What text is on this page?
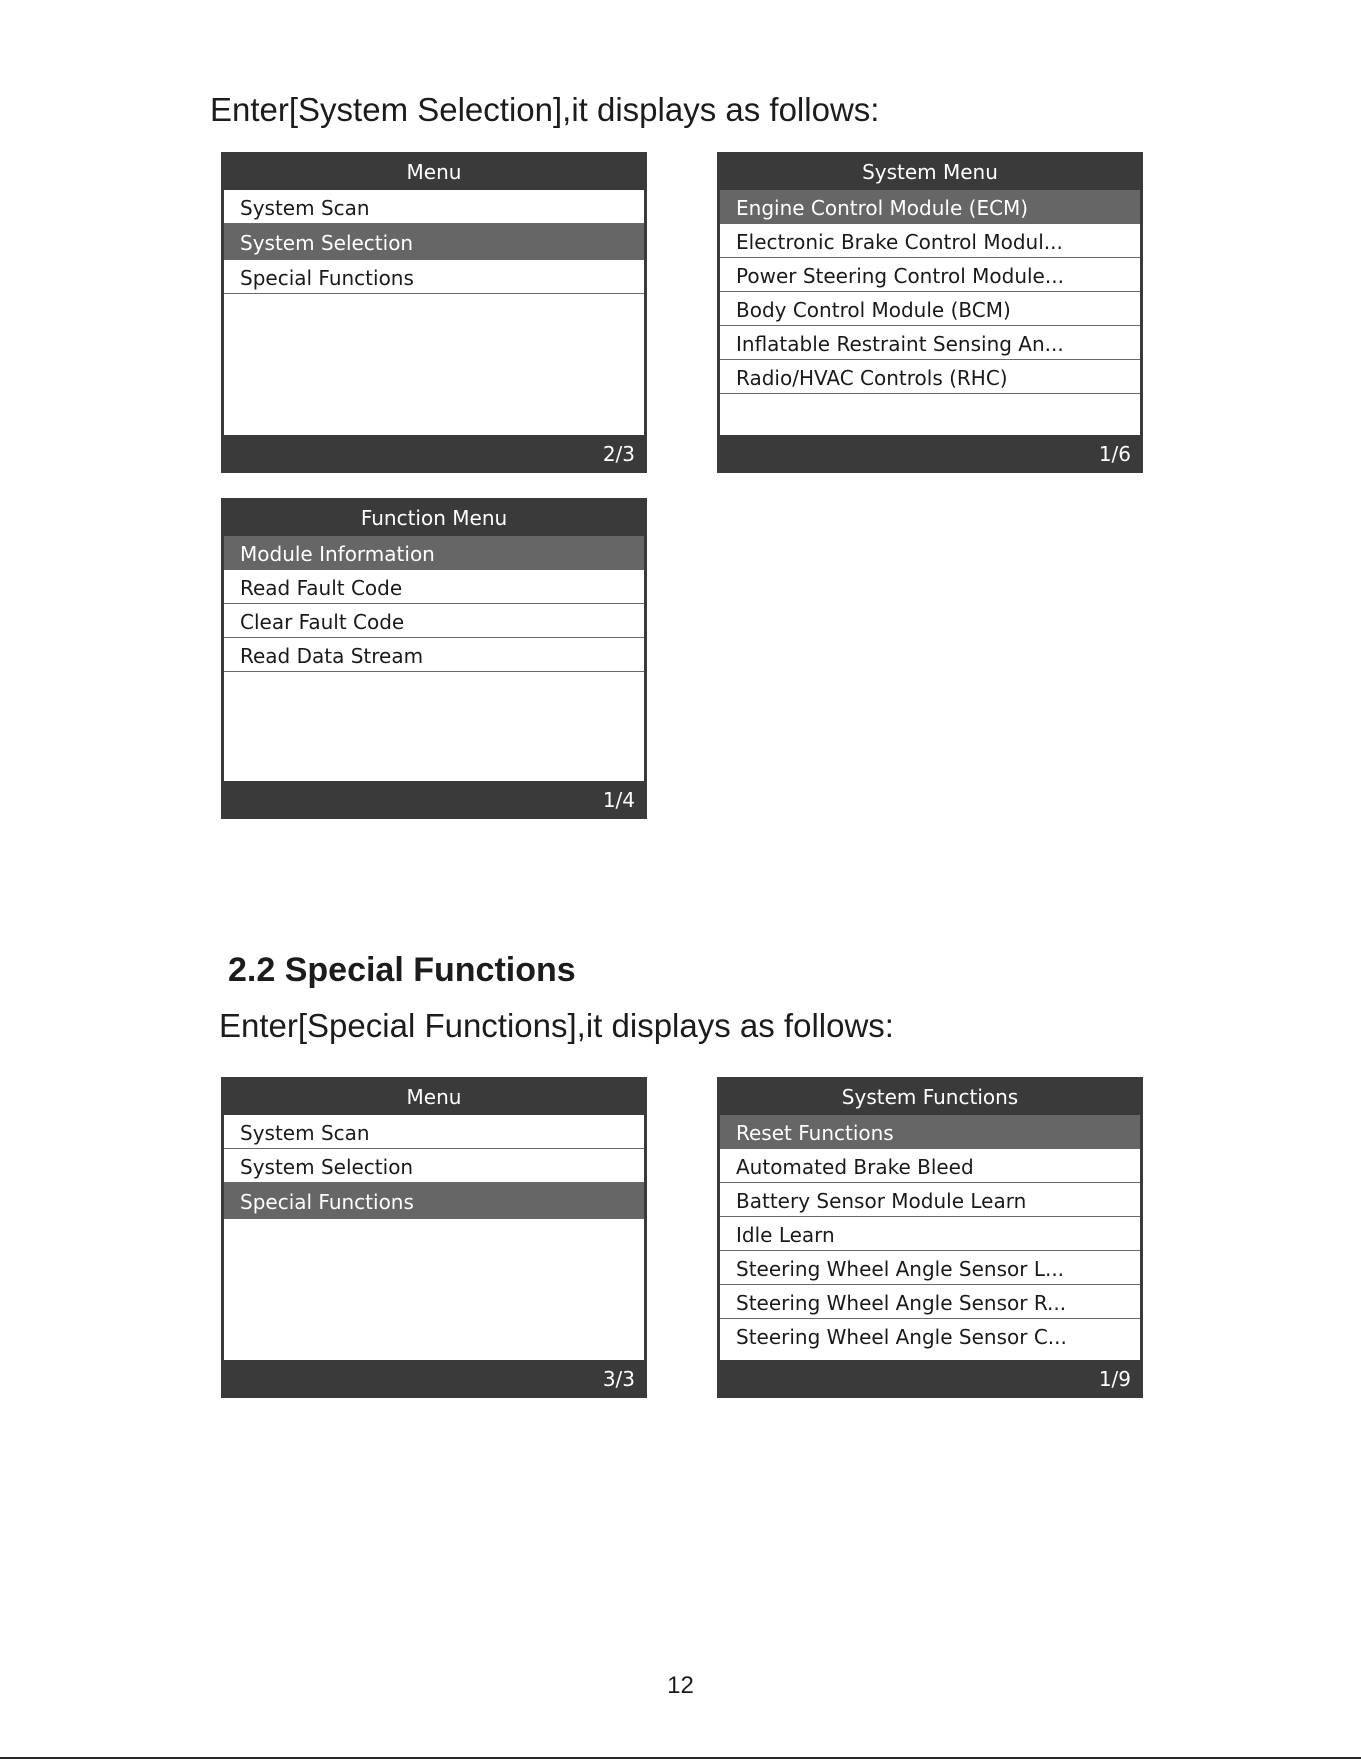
Enter[System Selection],it displays as follows:
Menu
System Scan
System Selection
Special Functions
2/3
System Menu
Engine Control Module (ECM)
Electronic Brake Control Modul...
Power Steering Control Module...
Body Control Module (BCM)
Inflatable Restraint Sensing An...
Radio/HVAC Controls (RHC)
1/6
Function Menu
Module Information
Read Fault Code
Clear Fault Code
Read Data Stream
1/4
2.2 Special Functions
Enter[Special Functions],it displays as follows:
Menu
System Scan
System Selection
Special Functions
3/3
System Functions
Reset Functions
Automated Brake Bleed
Battery Sensor Module Learn
Idle Learn
Steering Wheel Angle Sensor L...
Steering Wheel Angle Sensor R...
Steering Wheel Angle Sensor C...
1/9
12
